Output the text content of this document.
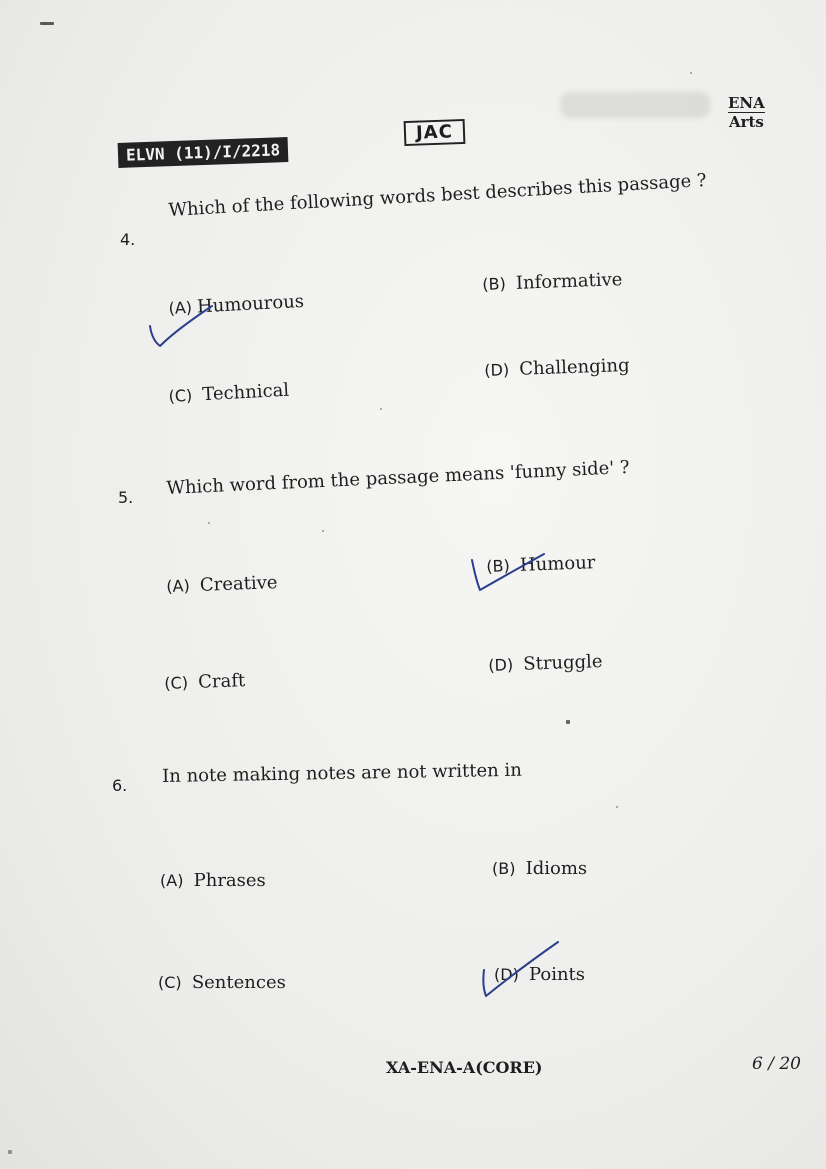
ELVN (11)/I/2218
JAC
ENA
Arts
4.
Which of the following words best describes this passage ?
(A) Humourous
(B) Informative
(C) Technical
(D) Challenging
5. Which word from the passage means 'funny side' ?
(A) Creative
(B) Humour
(C) Craft
(D) Struggle
6. In note making notes are not written in
(A) Phrases
(B) Idioms
(C) Sentences	(D) Points
XA-ENA-A(CORE)	6 / 20
